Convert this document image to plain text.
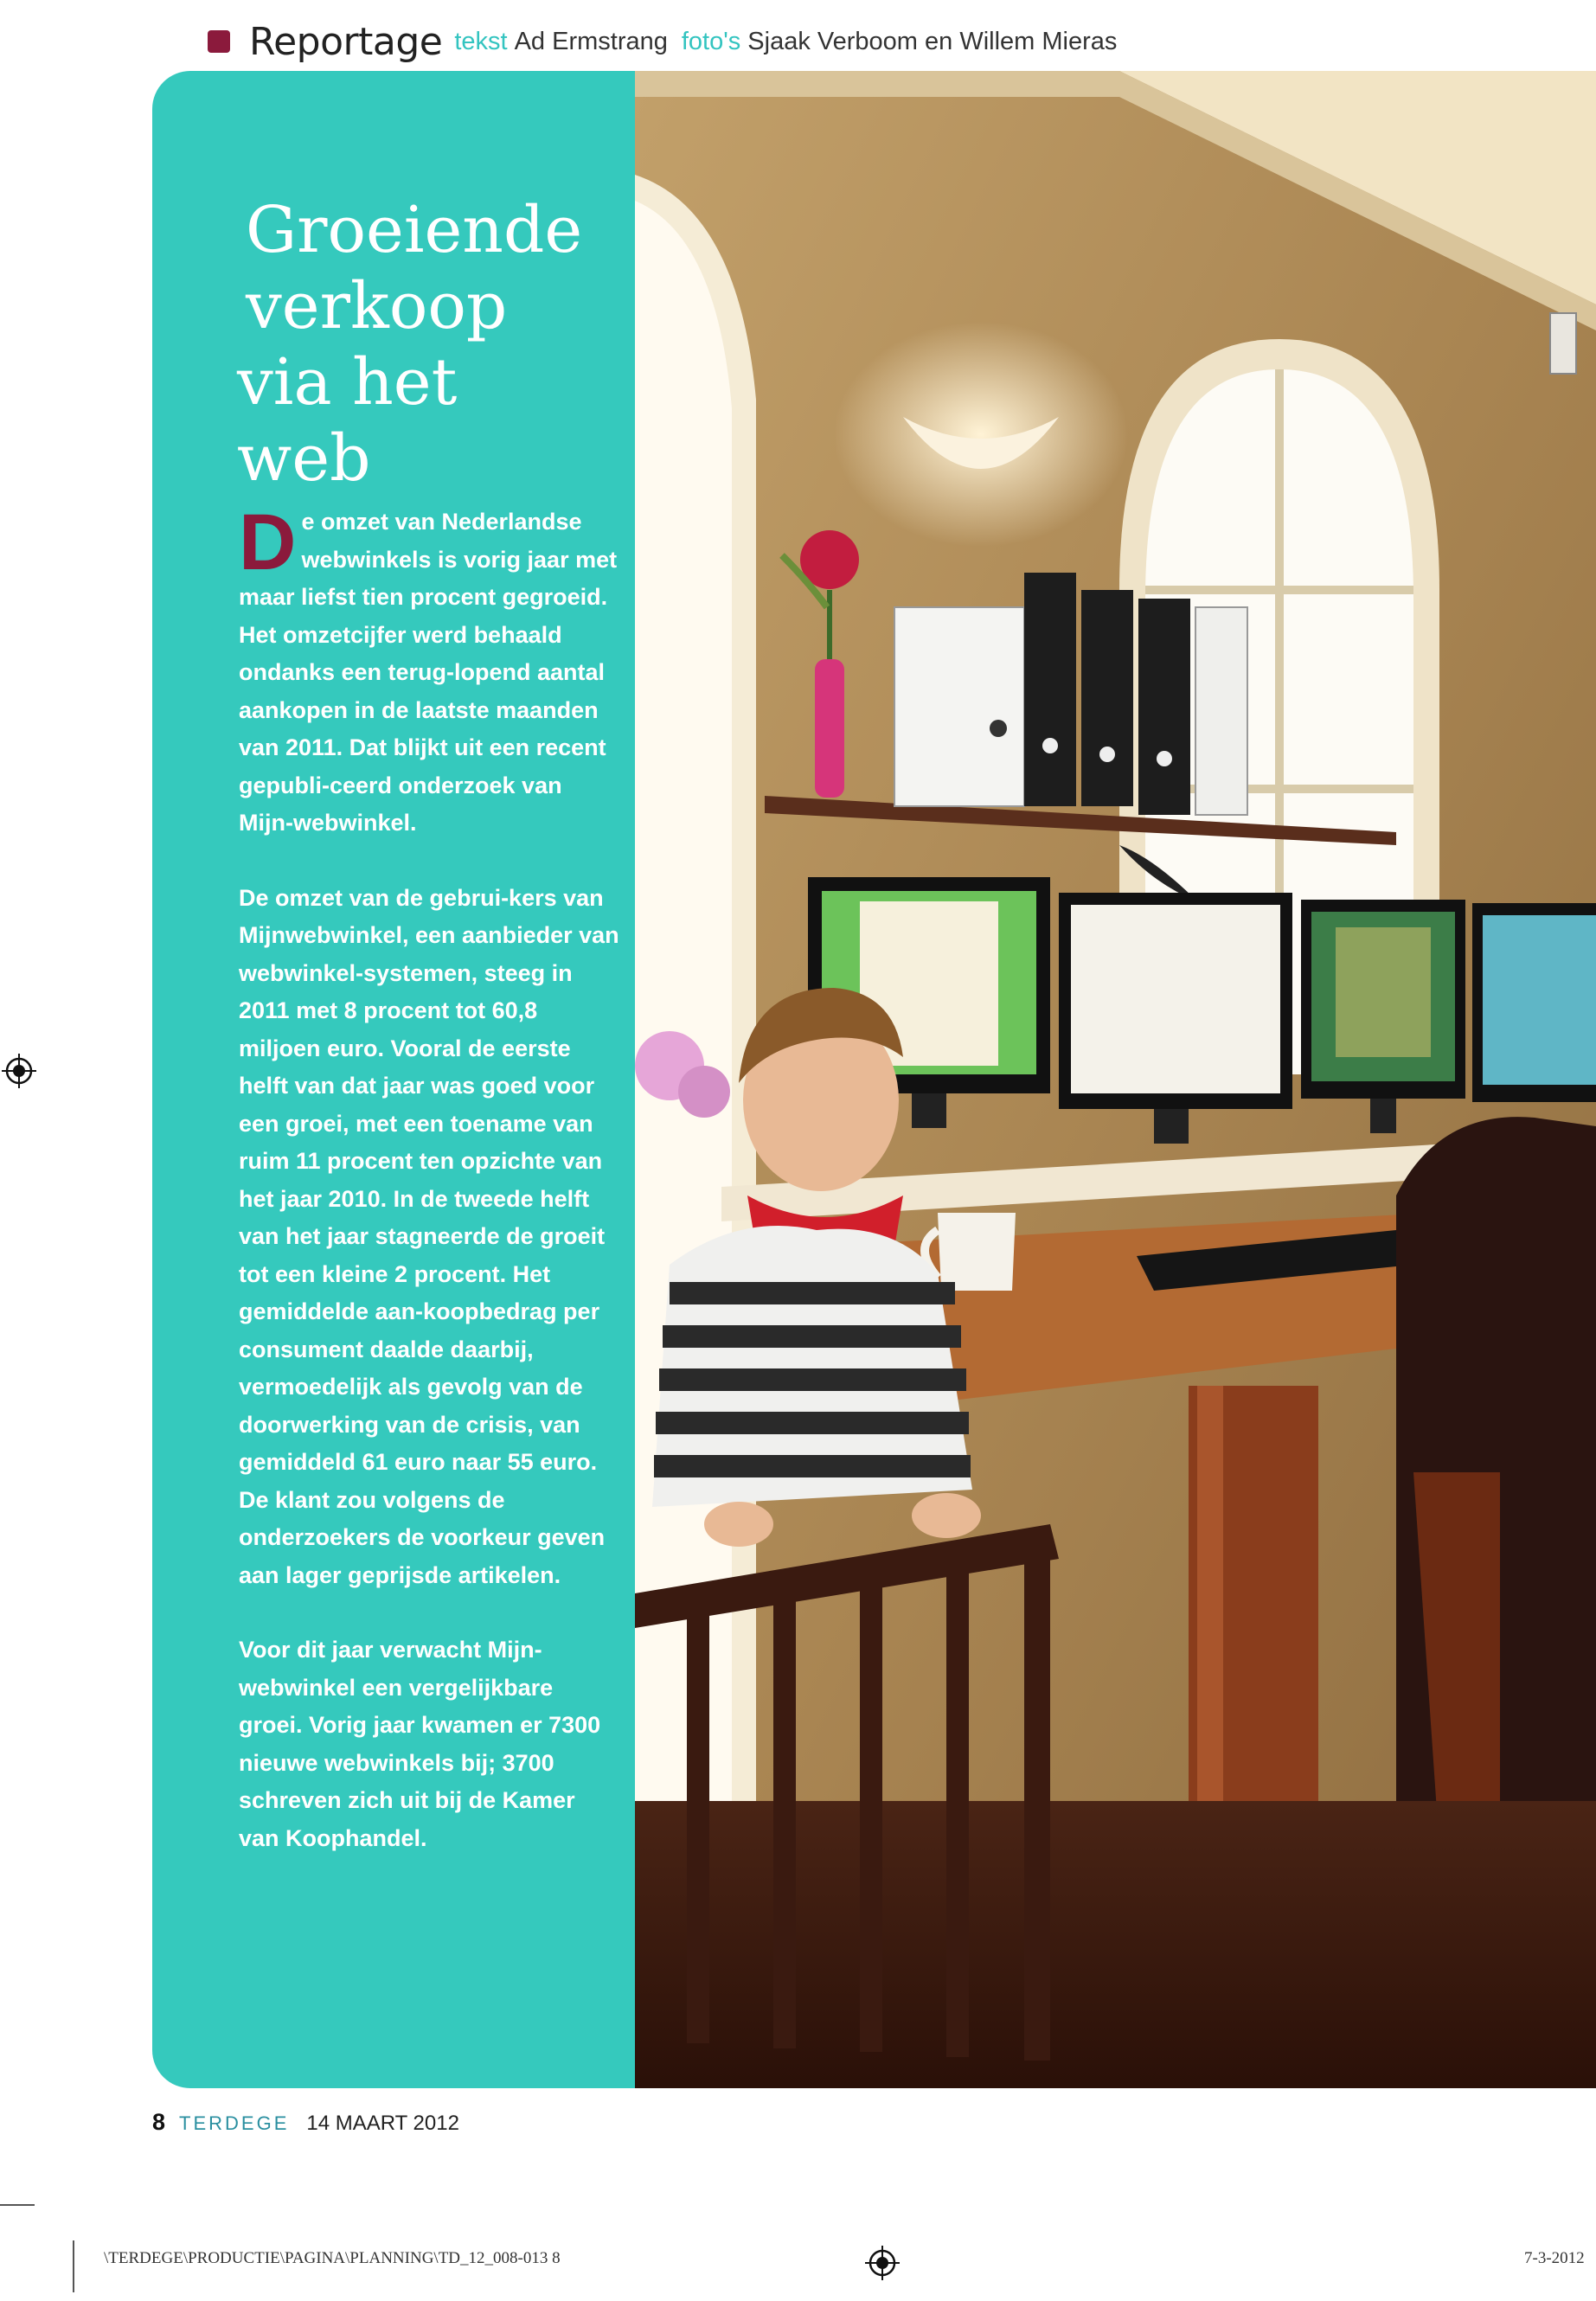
Reportage tekst Ad Ermstrang foto's Sjaak Verboom en Willem Mieras
Groeiende
verkoop
via het web

De omzet van Nederlandse webwinkels is vorig jaar met maar liefst tien procent gegroeid. Het omzetcijfer werd behaald ondanks een terug-lopend aantal aankopen in de laatste maanden van 2011. Dat blijkt uit een recent gepubli-ceerd onderzoek van Mijn-webwinkel.

De omzet van de gebrui-kers van Mijnwebwinkel, een aanbieder van webwinkel-systemen, steeg in 2011 met 8 procent tot 60,8 miljoen euro. Vooral de eerste helft van dat jaar was goed voor een groei, met een toename van ruim 11 procent ten opzichte van het jaar 2010. In de tweede helft van het jaar stagneerde de groeit tot een kleine 2 procent. Het gemiddelde aan-koopbedrag per consument daalde daarbij, vermoedelijk als gevolg van de doorwerking van de crisis, van gemiddeld 61 euro naar 55 euro. De klant zou volgens de onderzoekers de voorkeur geven aan lager geprijsde artikelen.

Voor dit jaar verwacht Mijn-webwinkel een vergelijkbare groei. Vorig jaar kwamen er 7300 nieuwe webwinkels bij; 3700 schreven zich uit bij de Kamer van Koophandel.

8 TERDEGE 14 MAART 2012
\TERDEGE\PRODUCTIE\PAGINA\PLANNING\TD_12_008-013 8	7-3-2012
